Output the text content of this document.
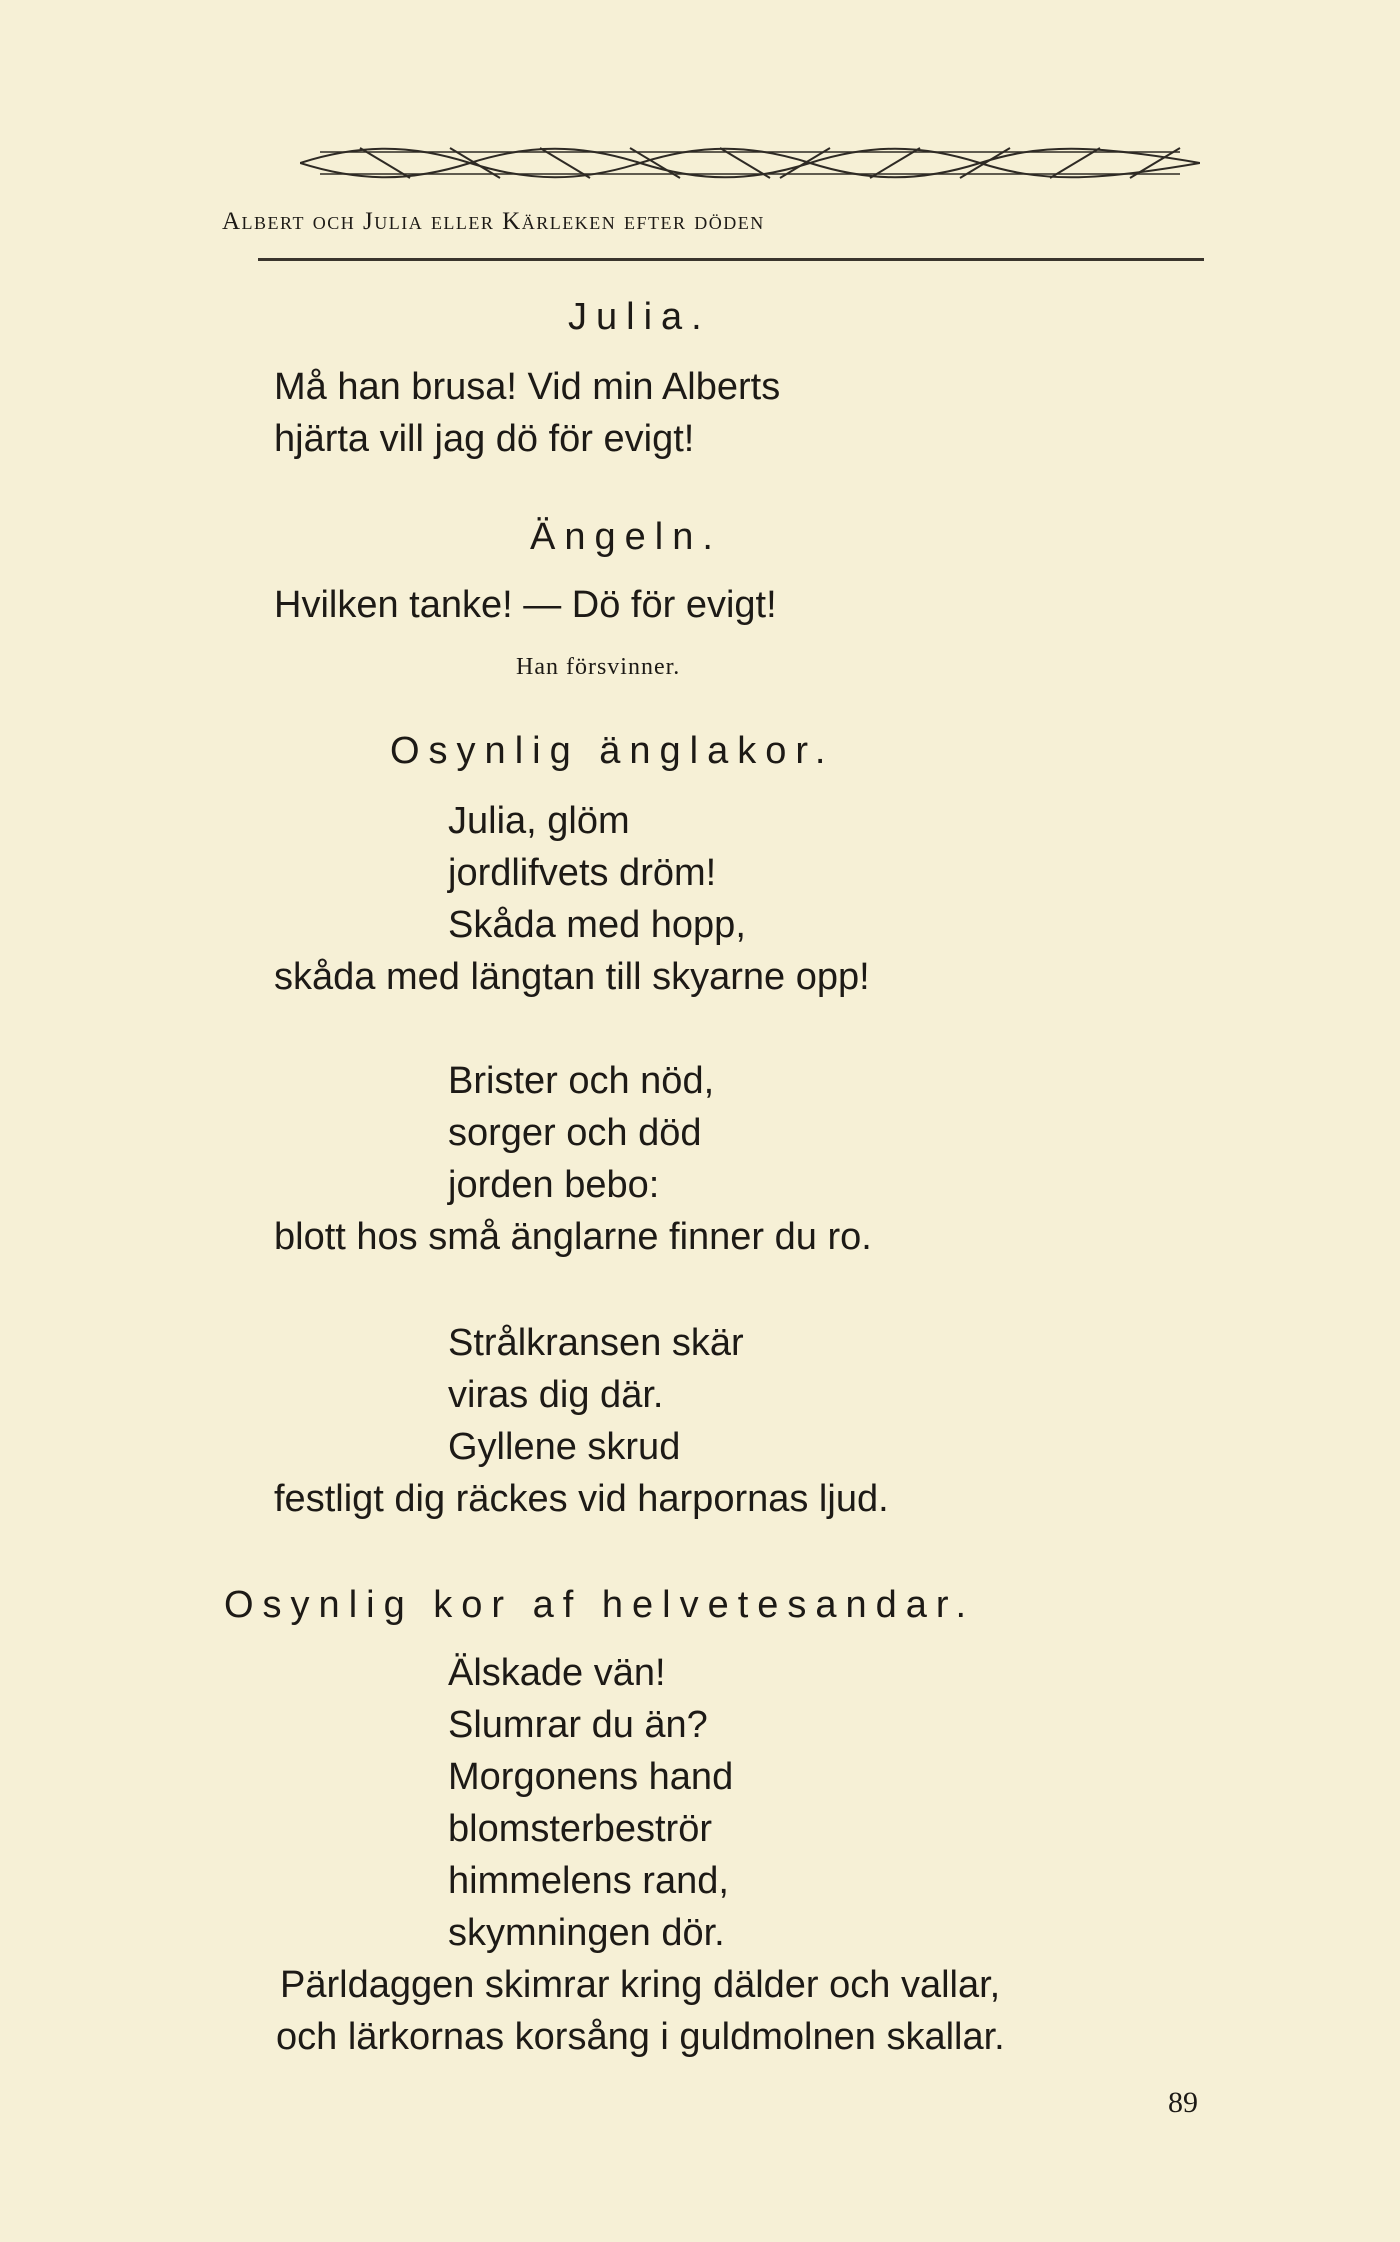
Albert och Julia eller Kärleken efter döden
Julia.
Må han brusa! Vid min Alberts
hjärta vill jag dö för evigt!
Ängeln.
Hvilken tanke! — Dö för evigt!
Han försvinner.
Osynlig änglakor.
Julia, glöm
jordlifvets dröm!
Skåda med hopp,
skåda med längtan till skyarne opp!
Brister och nöd,
sorger och död
jorden bebo:
blott hos små änglarne finner du ro.
Strålkransen skär
viras dig där.
Gyllene skrud
festligt dig räckes vid harpornas ljud.
Osynlig kor af helvetesandar.
Älskade vän!
Slumrar du än?
Morgonens hand
blomsterbeströr
himmelens rand,
skymningen dör.
Pärldaggen skimrar kring dälder och vallar,
och lärkornas korsång i guldmolnen skallar.
89
